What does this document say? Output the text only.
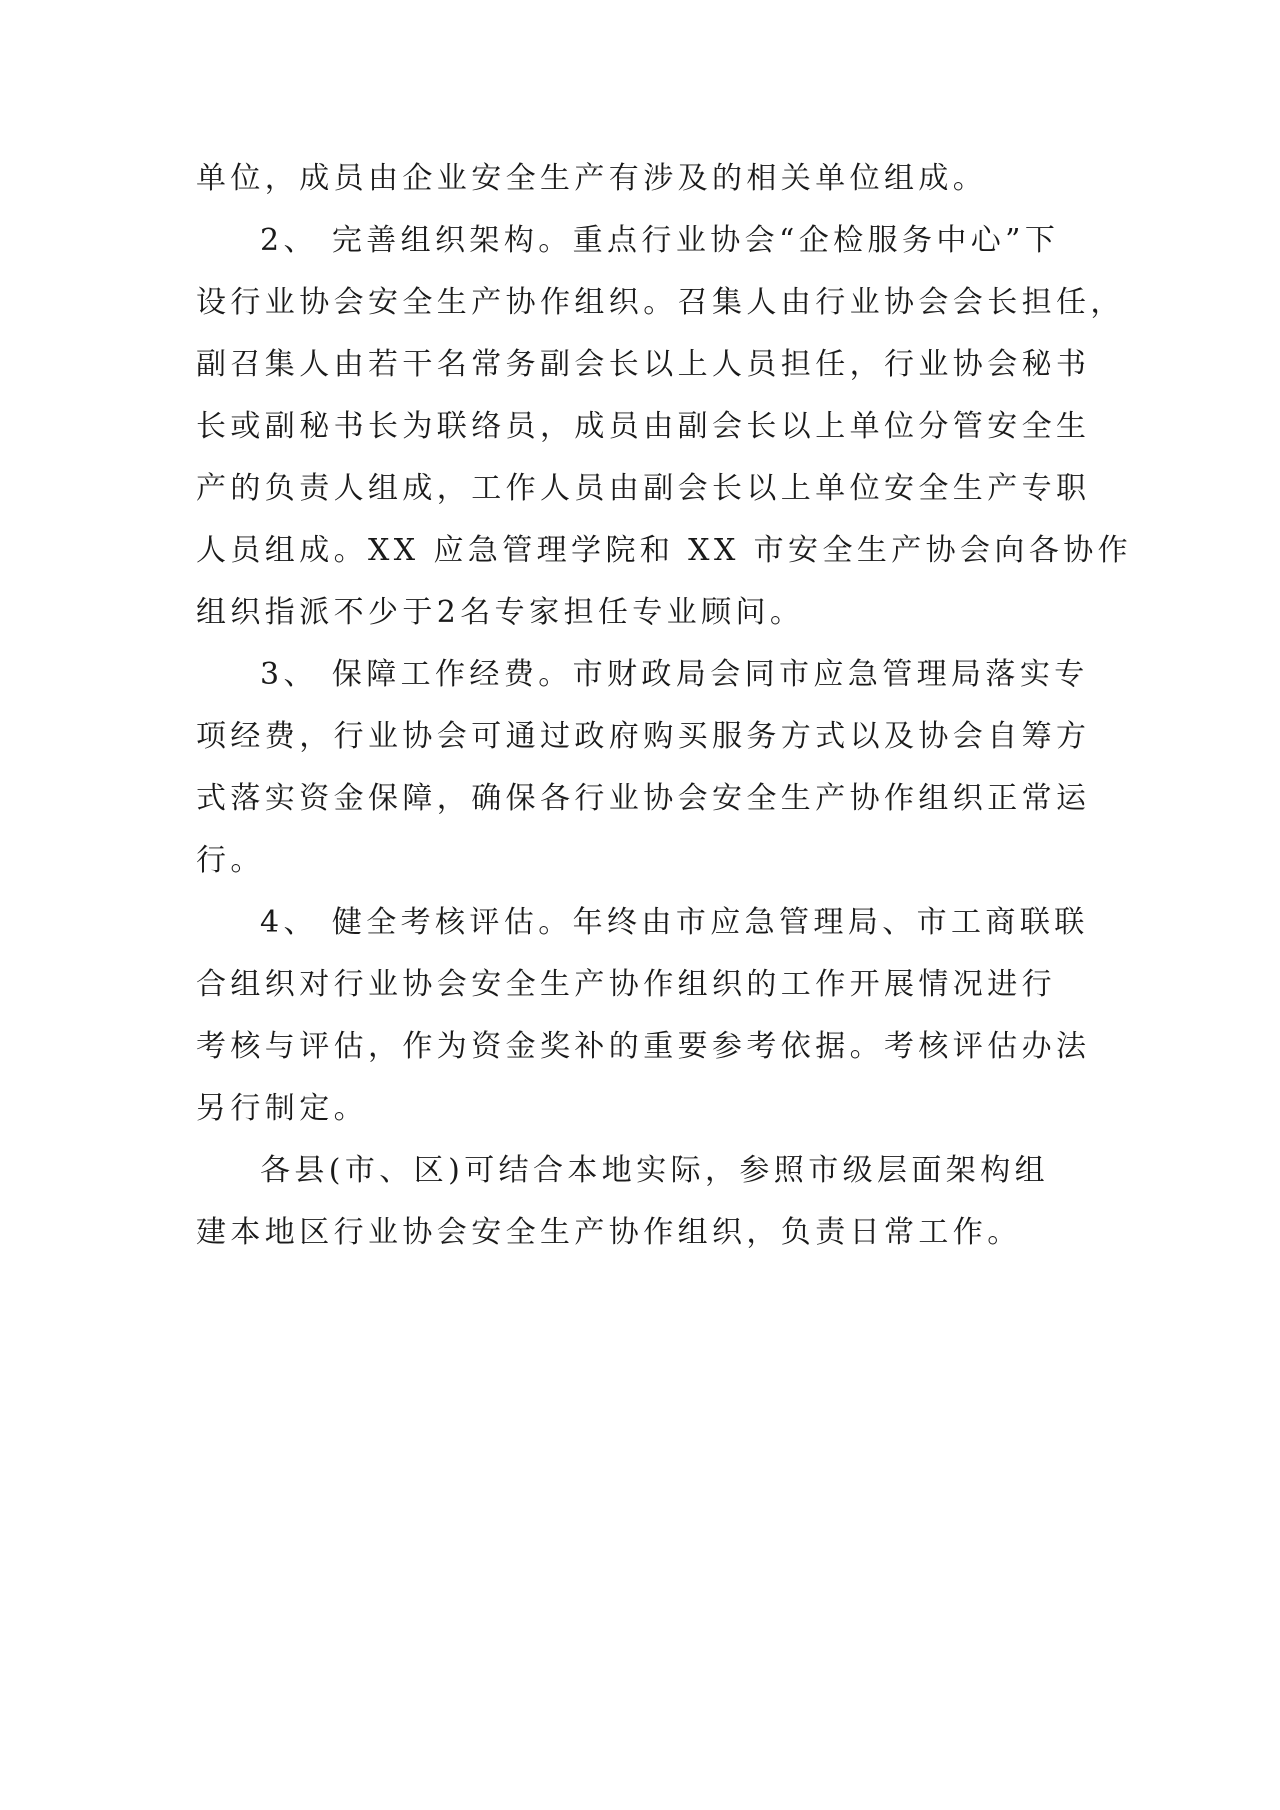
单位，成员由企业安全生产有涉及的相关单位组成。
2、 完善组织架构。重点行业协会“企检服务中心”下
设行业协会安全生产协作组织。召集人由行业协会会长担任，
副召集人由若干名常务副会长以上人员担任，行业协会秘书
长或副秘书长为联络员，成员由副会长以上单位分管安全生
产的负责人组成，工作人员由副会长以上单位安全生产专职
人员组成。XX 应急管理学院和 XX 市安全生产协会向各协作
组织指派不少于2名专家担任专业顾问。
3、 保障工作经费。市财政局会同市应急管理局落实专
项经费，行业协会可通过政府购买服务方式以及协会自筹方
式落实资金保障，确保各行业协会安全生产协作组织正常运
行。
4、 健全考核评估。年终由市应急管理局、市工商联联
合组织对行业协会安全生产协作组织的工作开展情况进行
考核与评估，作为资金奖补的重要参考依据。考核评估办法
另行制定。
各县(市、区)可结合本地实际，参照市级层面架构组
建本地区行业协会安全生产协作组织，负责日常工作。
